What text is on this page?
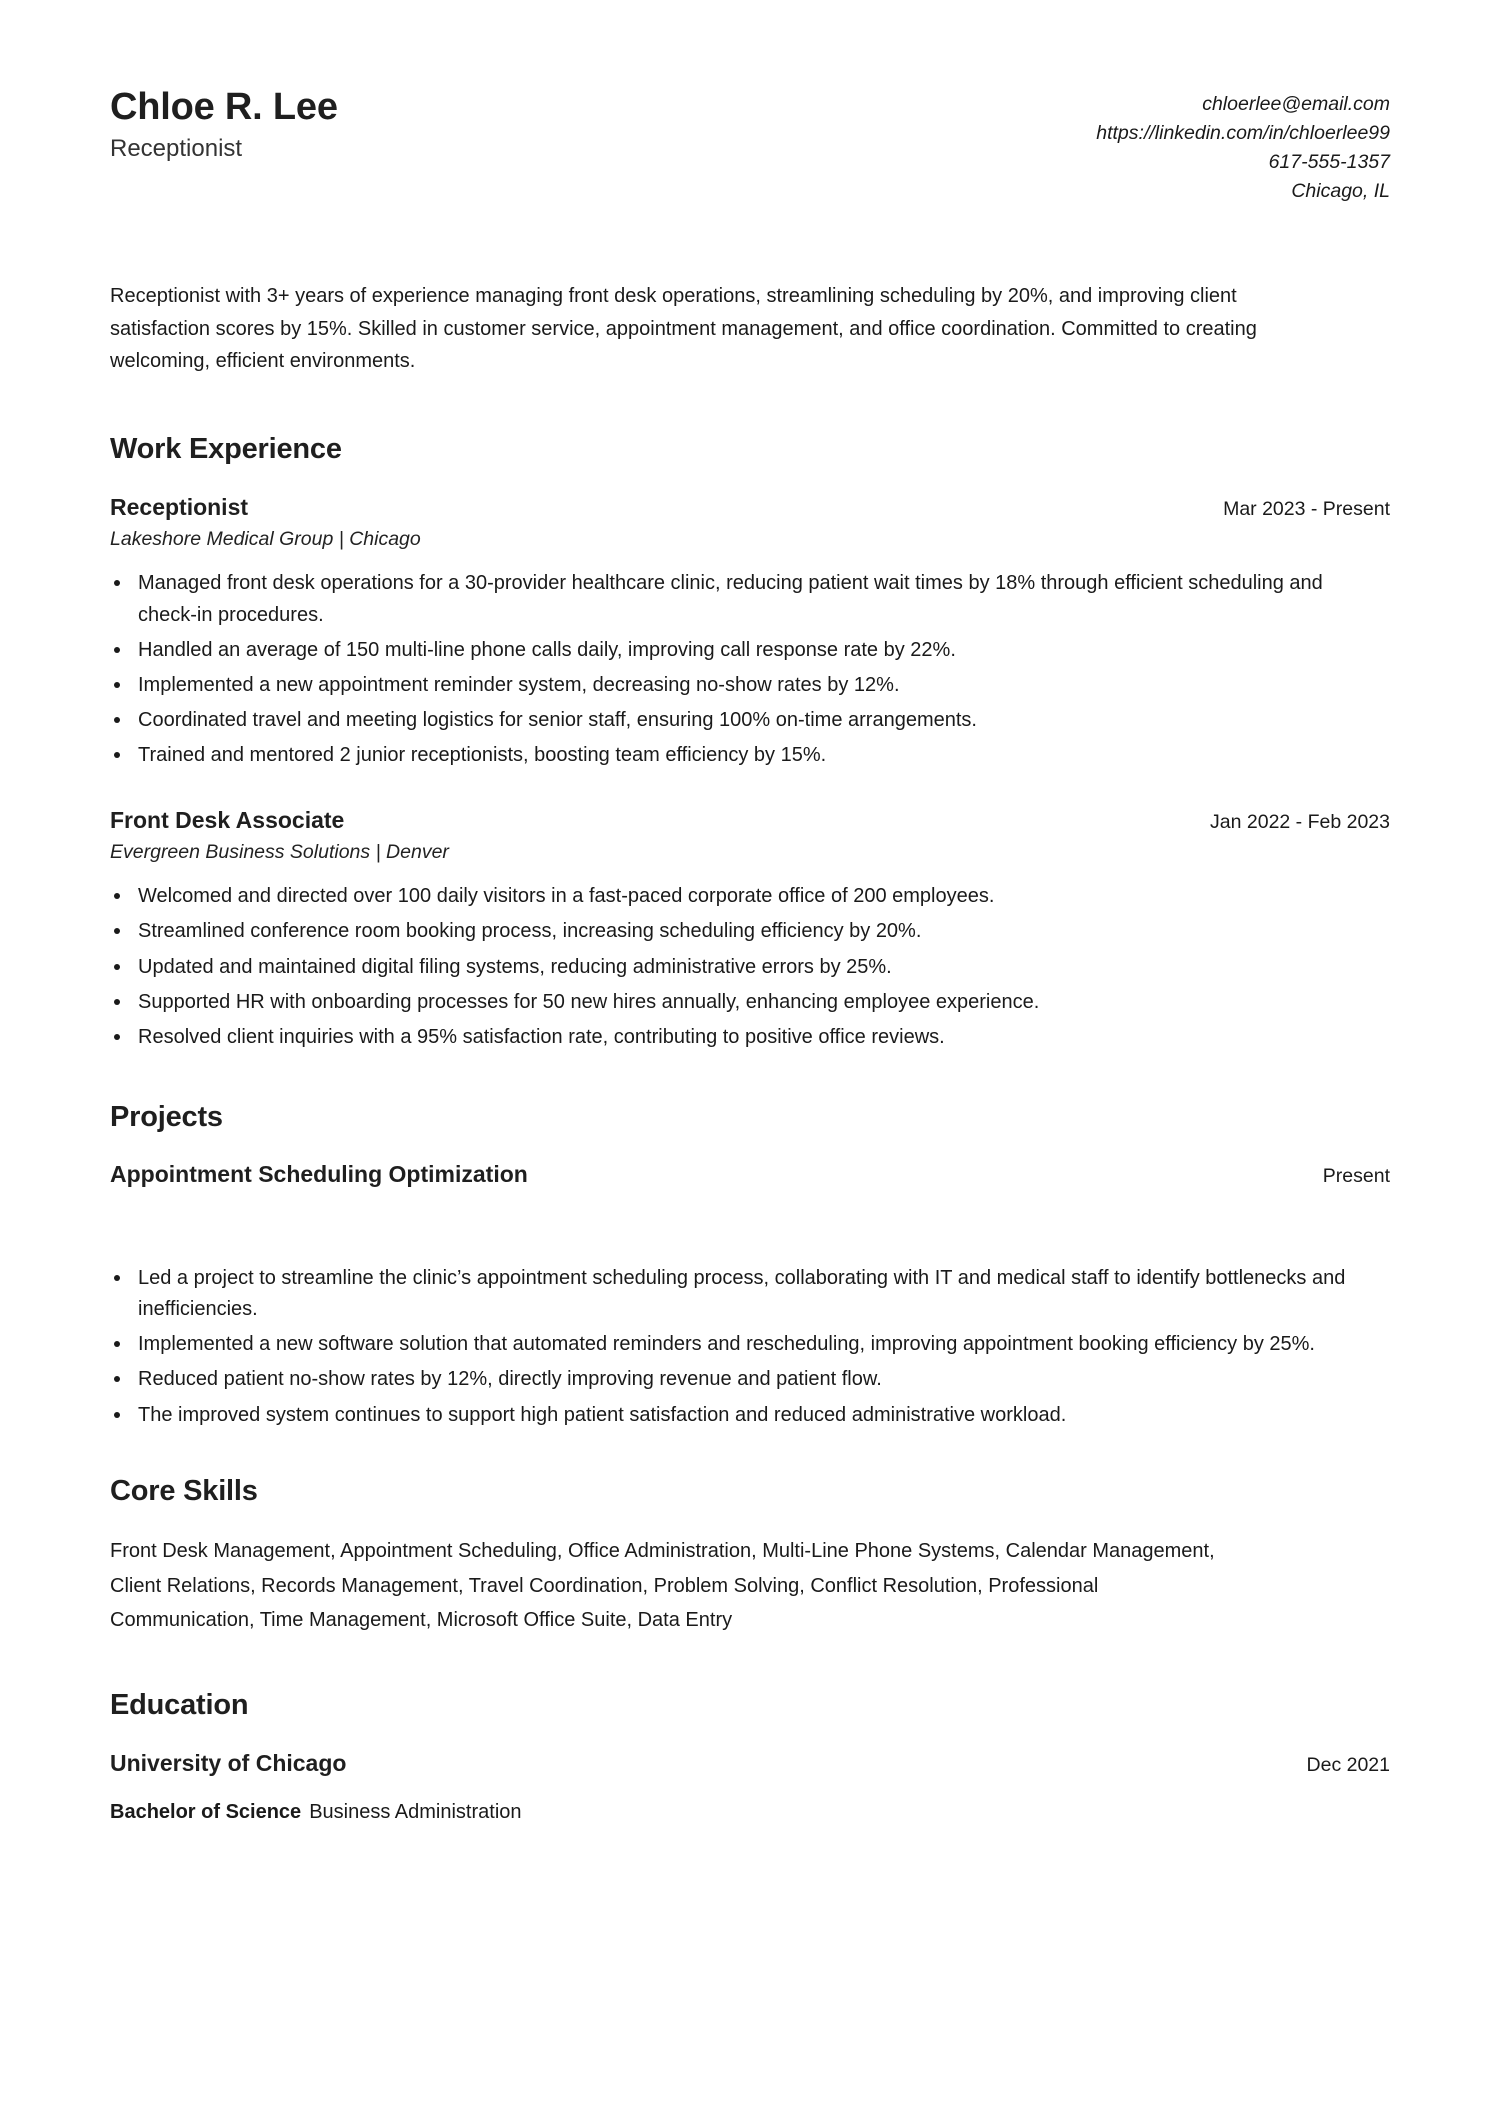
Chloe R. Lee
Receptionist
chloerlee@email.com
https://linkedin.com/in/chloerlee99
617-555-1357
Chicago, IL

Receptionist with 3+ years of experience managing front desk operations, streamlining scheduling by 20%, and improving client satisfaction scores by 15%. Skilled in customer service, appointment management, and office coordination. Committed to creating welcoming, efficient environments.

Work Experience
Receptionist	Mar 2023 - Present
Lakeshore Medical Group | Chicago
Managed front desk operations for a 30-provider healthcare clinic, reducing patient wait times by 18% through efficient scheduling and check-in procedures.
Handled an average of 150 multi-line phone calls daily, improving call response rate by 22%.
Implemented a new appointment reminder system, decreasing no-show rates by 12%.
Coordinated travel and meeting logistics for senior staff, ensuring 100% on-time arrangements.
Trained and mentored 2 junior receptionists, boosting team efficiency by 15%.
Front Desk Associate	Jan 2022 - Feb 2023
Evergreen Business Solutions | Denver
Welcomed and directed over 100 daily visitors in a fast-paced corporate office of 200 employees.
Streamlined conference room booking process, increasing scheduling efficiency by 20%.
Updated and maintained digital filing systems, reducing administrative errors by 25%.
Supported HR with onboarding processes for 50 new hires annually, enhancing employee experience.
Resolved client inquiries with a 95% satisfaction rate, contributing to positive office reviews.
Projects
Appointment Scheduling Optimization	Present
Led a project to streamline the clinic’s appointment scheduling process, collaborating with IT and medical staff to identify bottlenecks and inefficiencies.
Implemented a new software solution that automated reminders and rescheduling, improving appointment booking efficiency by 25%.
Reduced patient no-show rates by 12%, directly improving revenue and patient flow.
The improved system continues to support high patient satisfaction and reduced administrative workload.
Core Skills

Front Desk Management, Appointment Scheduling, Office Administration, Multi-Line Phone Systems, Calendar Management, Client Relations, Records Management, Travel Coordination, Problem Solving, Conflict Resolution, Professional Communication, Time Management, Microsoft Office Suite, Data Entry

Education
University of Chicago	Dec 2021
Bachelor of Science Business Administration
